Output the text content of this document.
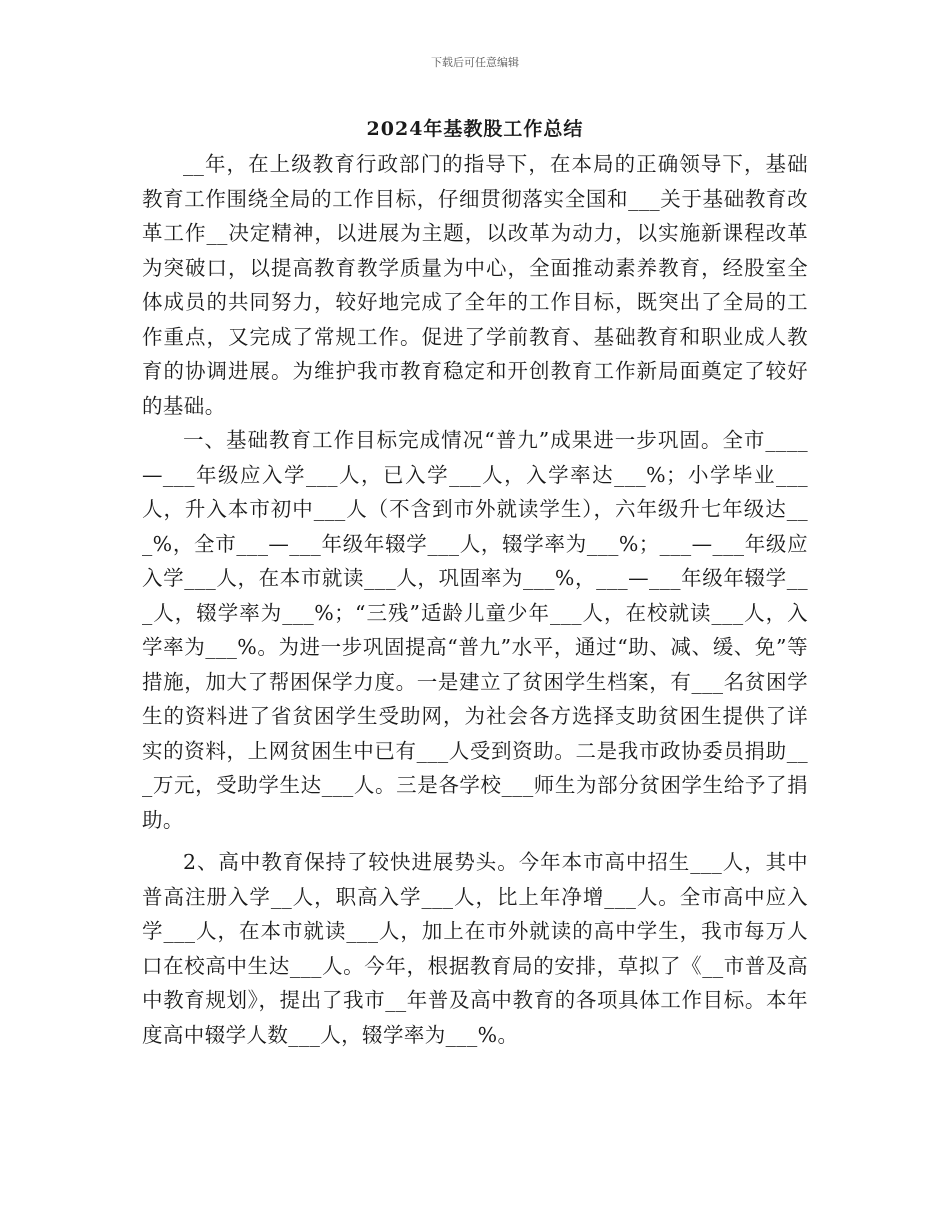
下载后可任意编辑
2024年基教股工作总结

__年，在上级教育行政部门的指导下，在本局的正确领导下，基础教育工作围绕全局的工作目标，仔细贯彻落实全国和___关于基础教育改革工作__决定精神，以进展为主题，以改革为动力，以实施新课程改革为突破口，以提高教育教学质量为中心，全面推动素养教育，经股室全体成员的共同努力，较好地完成了全年的工作目标，既突出了全局的工作重点，又完成了常规工作。促进了学前教育、基础教育和职业成人教育的协调进展。为维护我市教育稳定和开创教育工作新局面奠定了较好的基础。

一、基础教育工作目标完成情况“普九”成果进一步巩固。全市____—___年级应入学___人，已入学___人，入学率达___%；小学毕业___人，升入本市初中___人（不含到市外就读学生），六年级升七年级达___%，全市___—___年级年辍学___人，辍学率为___%；___—___年级应入学___人，在本市就读___人，巩固率为___%，___—___年级年辍学___人，辍学率为___%；“三残”适龄儿童少年___人，在校就读___人，入学率为___%。为进一步巩固提高“普九”水平，通过“助、减、缓、免”等措施，加大了帮困保学力度。一是建立了贫困学生档案，有___名贫困学生的资料进了省贫困学生受助网，为社会各方选择支助贫困生提供了详实的资料，上网贫困生中已有___人受到资助。二是我市政协委员捐助___万元，受助学生达___人。三是各学校___师生为部分贫困学生给予了捐助。

2、高中教育保持了较快进展势头。今年本市高中招生___人，其中普高注册入学__人，职高入学___人，比上年净增___人。全市高中应入学___人，在本市就读___人，加上在市外就读的高中学生，我市每万人口在校高中生达___人。今年，根据教育局的安排，草拟了《__市普及高中教育规划》，提出了我市__年普及高中教育的各项具体工作目标。本年度高中辍学人数___人，辍学率为___%。
